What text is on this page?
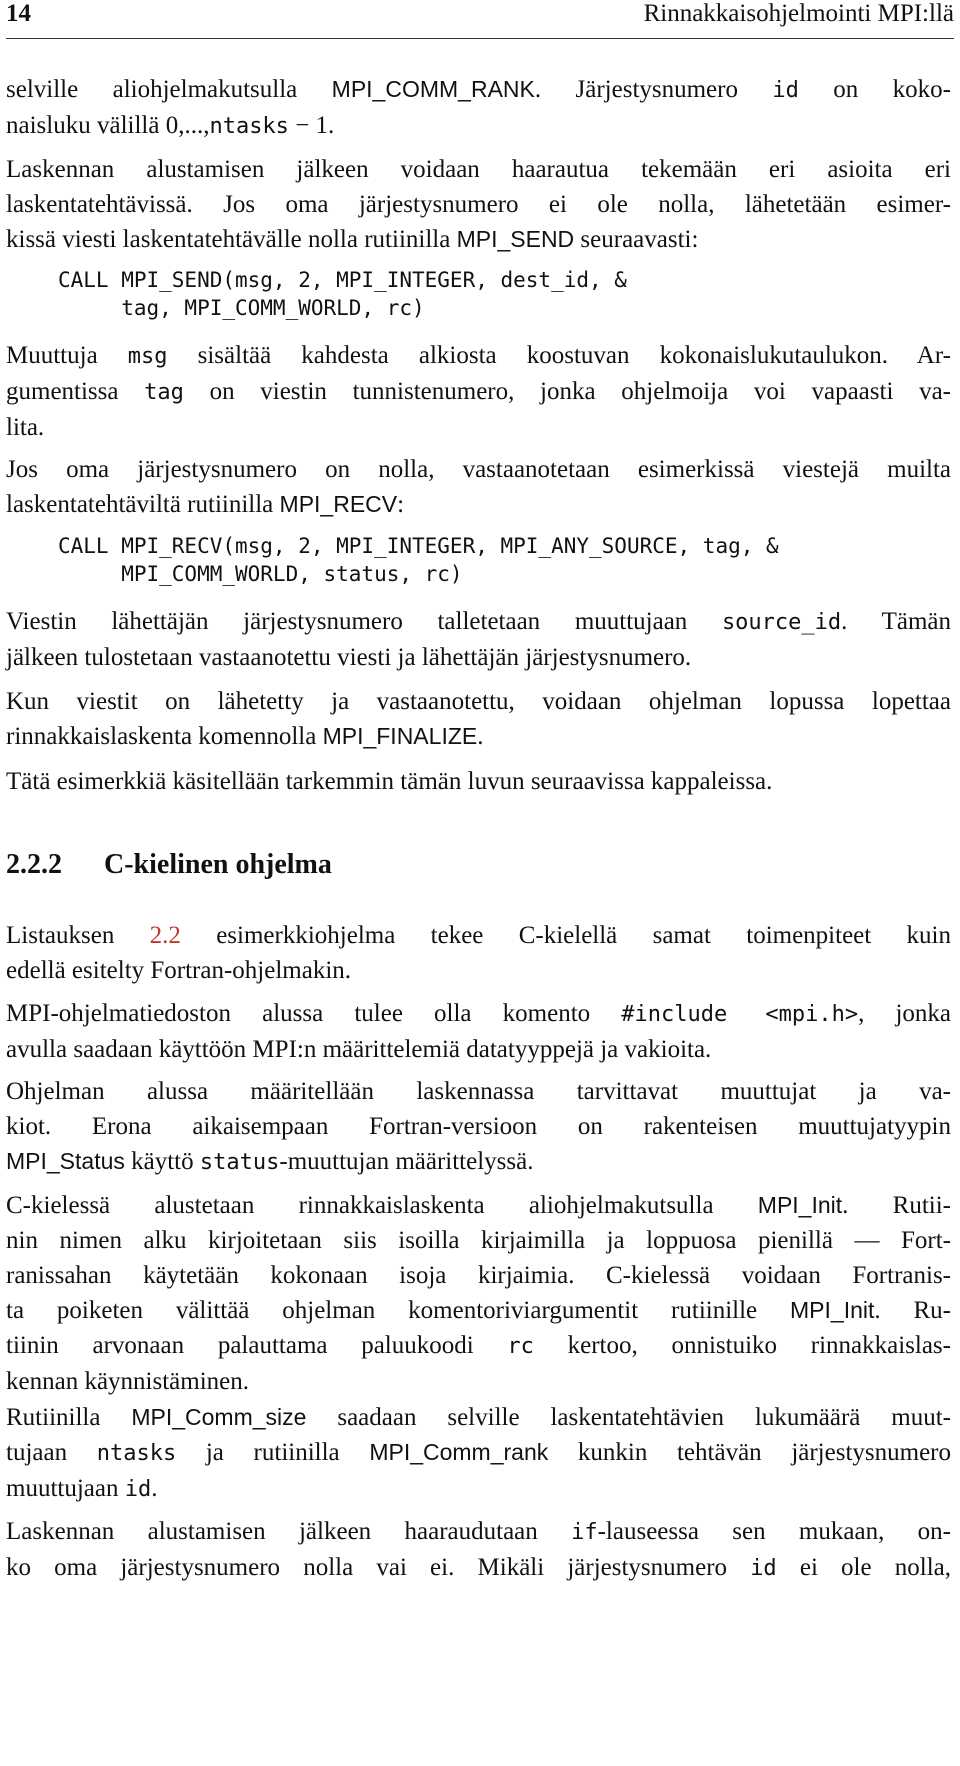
14	Rinnakkaisohjelmointi MPI:llä

selville aliohjelmakutsulla MPI_COMM_RANK. Järjestysnumero id on koko-
naisluku välillä 0,...,ntasks − 1.

Laskennan alustamisen jälkeen voidaan haarautua tekemään eri asioita eri
laskentatehtävissä. Jos oma järjestysnumero ei ole nolla, lähetetään esimer-
kissä viesti laskentatehtävälle nolla rutiinilla MPI_SEND seuraavasti:

CALL MPI_SEND(msg, 2, MPI_INTEGER, dest_id, &
tag, MPI_COMM_WORLD, rc)

Muuttuja msg sisältää kahdesta alkiosta koostuvan kokonaislukutaulukon. Ar-
gumentissa tag on viestin tunnistenumero, jonka ohjelmoija voi vapaasti va-
lita.

Jos oma järjestysnumero on nolla, vastaanotetaan esimerkissä viestejä muilta
laskentatehtäviltä rutiinilla MPI_RECV:

CALL MPI_RECV(msg, 2, MPI_INTEGER, MPI_ANY_SOURCE, tag, &
MPI_COMM_WORLD, status, rc)

Viestin lähettäjän järjestysnumero talletetaan muuttujaan source_id. Tämän
jälkeen tulostetaan vastaanotettu viesti ja lähettäjän järjestysnumero.

Kun viestit on lähetetty ja vastaanotettu, voidaan ohjelman lopussa lopettaa
rinnakkaislaskenta komennolla MPI_FINALIZE.

Tätä esimerkkiä käsitellään tarkemmin tämän luvun seuraavissa kappaleissa.

2.2.2 C-kielinen ohjelma

Listauksen 2.2 esimerkkiohjelma tekee C-kielellä samat toimenpiteet kuin
edellä esitelty Fortran-ohjelmakin.

MPI-ohjelmatiedoston alussa tulee olla komento #include <mpi.h>, jonka
avulla saadaan käyttöön MPI:n määrittelemiä datatyyppejä ja vakioita.

Ohjelman alussa määritellään laskennassa tarvittavat muuttujat ja va-
kiot. Erona aikaisempaan Fortran-versioon on rakenteisen muuttujatyypin
MPI_Status käyttö status-muuttujan määrittelyssä.

C-kielessä alustetaan rinnakkaislaskenta aliohjelmakutsulla MPI_Init. Rutii-
nin nimen alku kirjoitetaan siis isoilla kirjaimilla ja loppuosa pienillä — Fort-
ranissahan käytetään kokonaan isoja kirjaimia. C-kielessä voidaan Fortranis-
ta poiketen välittää ohjelman komentoriviargumentit rutiinille MPI_Init. Ru-
tiinin arvonaan palauttama paluukoodi rc kertoo, onnistuiko rinnakkaislas-
kennan käynnistäminen.

Rutiinilla MPI_Comm_size saadaan selville laskentatehtävien lukumäärä muut-
tujaan ntasks ja rutiinilla MPI_Comm_rank kunkin tehtävän järjestysnumero
muuttujaan id.

Laskennan alustamisen jälkeen haaraudutaan if-lauseessa sen mukaan, on-
ko oma järjestysnumero nolla vai ei. Mikäli järjestysnumero id ei ole nolla,
